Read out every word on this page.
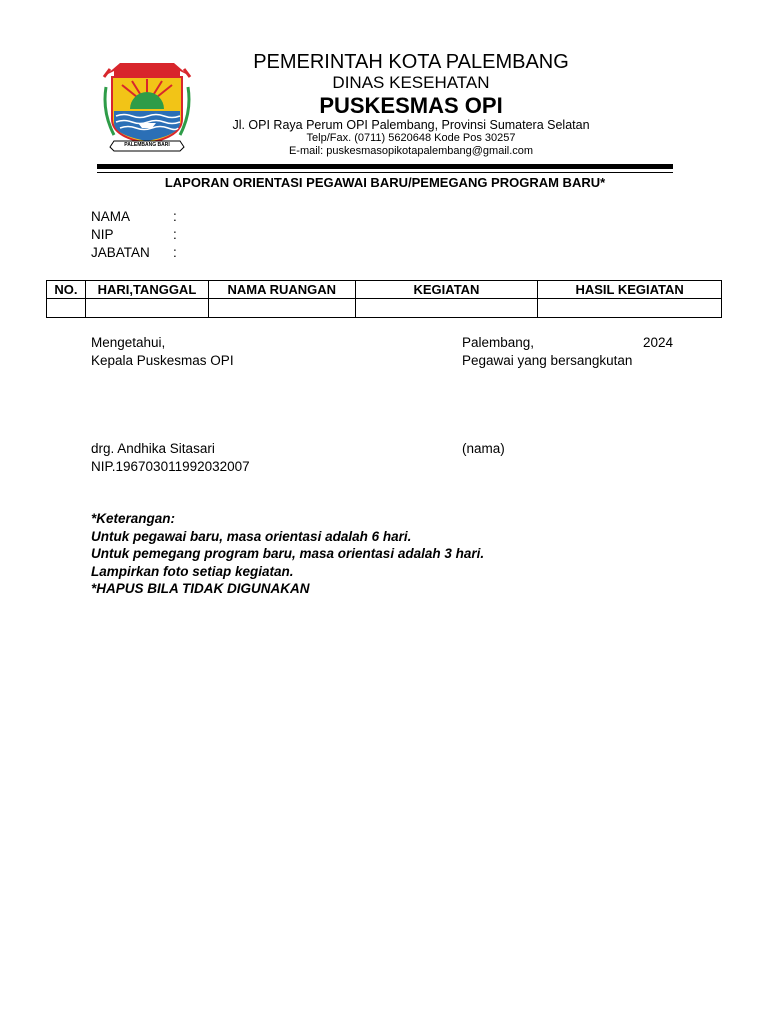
PALEMBANG BARI
PEMERINTAH KOTA PALEMBANG
DINAS KESEHATAN
PUSKESMAS OPI
Jl. OPI Raya Perum OPI Palembang, Provinsi Sumatera Selatan
Telp/Fax. (0711) 5620648 Kode Pos 30257
E-mail: puskesmasopikotapalembang@gmail.com
LAPORAN ORIENTASI PEGAWAI BARU/PEMEGANG PROGRAM BARU*
NAMA	:
NIP	:
JABATAN :
NO.	HARI,TANGGAL	NAMA RUANGAN	KEGIATAN	HASIL KEGIATAN

Mengetahui,
Kepala Puskesmas OPI
Palembang,	2024
Pegawai yang bersangkutan
drg. Andhika Sitasari
NIP.196703011992032007
(nama)
*Keterangan:
Untuk pegawai baru, masa orientasi adalah 6 hari.
Untuk pemegang program baru, masa orientasi adalah 3 hari.
Lampirkan foto setiap kegiatan.
*HAPUS BILA TIDAK DIGUNAKAN
